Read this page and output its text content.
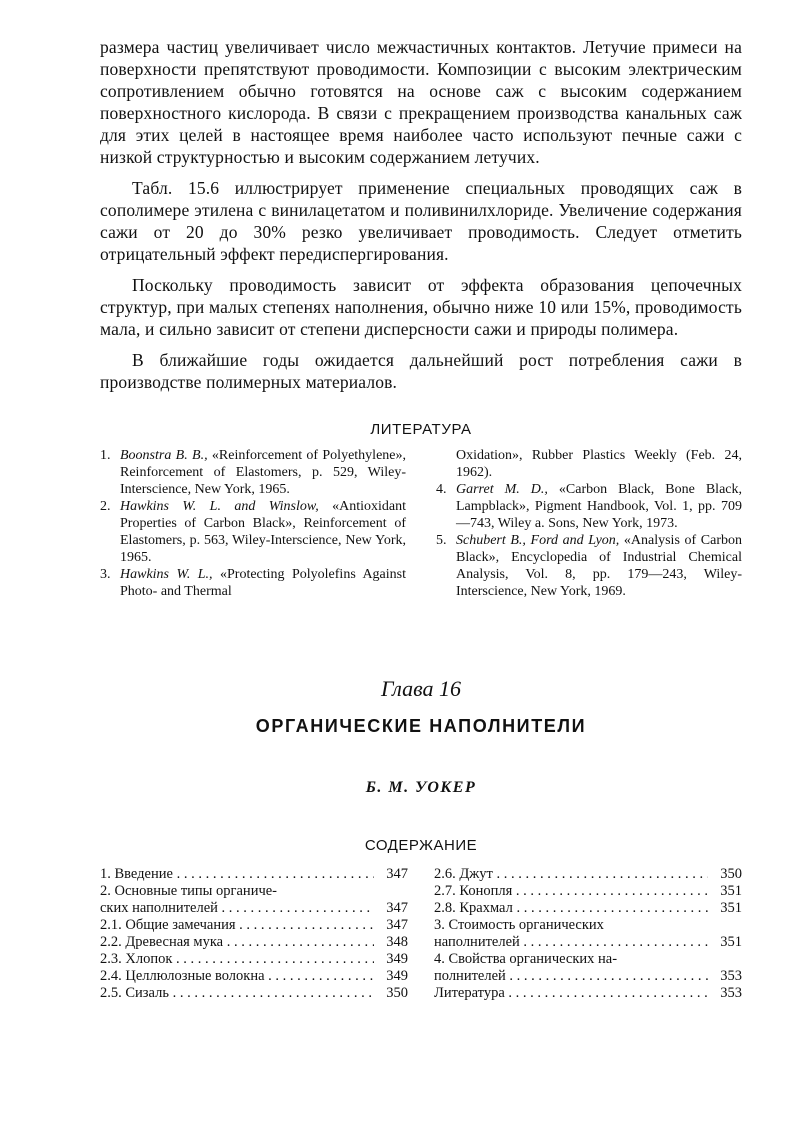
размера частиц увеличивает число межчастичных контактов. Летучие примеси на поверхности препятствуют проводимости. Композиции с высоким электрическим сопротивлением обычно готовятся на основе саж с высоким содержанием поверхностного кислорода. В связи с прекращением производства канальных саж для этих целей в настоящее время наиболее часто используют печные сажи с низкой структурностью и высоким содержанием летучих.

Табл. 15.6 иллюстрирует применение специальных проводящих саж в сополимере этилена с винилацетатом и поливинилхлориде. Увеличение содержания сажи от 20 до 30% резко увеличивает проводимость. Следует отметить отрицательный эффект передиспергирования.

Поскольку проводимость зависит от эффекта образования цепочечных структур, при малых степенях наполнения, обычно ниже 10 или 15%, проводимость мала, и сильно зависит от степени дисперсности сажи и природы полимера.

В ближайшие годы ожидается дальнейший рост потребления сажи в производстве полимерных материалов.

ЛИТЕРАТУРА
1. Boonstra B. B., «Reinforcement of Polyethylene», Reinforcement of Elastomers, p. 529, Wiley-Interscience, New York, 1965.
2. Hawkins W. L. and Winslow, «Antioxidant Properties of Carbon Black», Reinforcement of Elastomers, p. 563, Wiley-Interscience, New York, 1965.
3. Hawkins W. L., «Protecting Polyolefins Against Photo- and Thermal
Oxidation», Rubber Plastics Weekly (Feb. 24, 1962).
4. Garret M. D., «Carbon Black, Bone Black, Lampblack», Pigment Handbook, Vol. 1, pp. 709—743, Wiley a. Sons, New York, 1973.
5. Schubert B., Ford and Lyon, «Analysis of Carbon Black», Encyclopedia of Industrial Chemical Analysis, Vol. 8, pp. 179—243, Wiley-Interscience, New York, 1969.
Глава 16
ОРГАНИЧЕСКИЕ НАПОЛНИТЕЛИ
Б. М. УОКЕР
СОДЕРЖАНИЕ
1. Введение . . .	347
2. Основные типы органиче-
ских наполнителей . . .	347
2.1. Общие замечания . . .	347
2.2. Древесная мука . . .	348
2.3. Хлопок . . .	349
2.4. Целлюлозные волокна . . .	349
2.5. Сизаль . . .	350
2.6. Джут . . .	350
2.7. Конопля . . .	351
2.8. Крахмал . . .	351
3. Стоимость органических
наполнителей . . .	351
4. Свойства органических на-
полнителей . . .	353
Литература . . .	353
